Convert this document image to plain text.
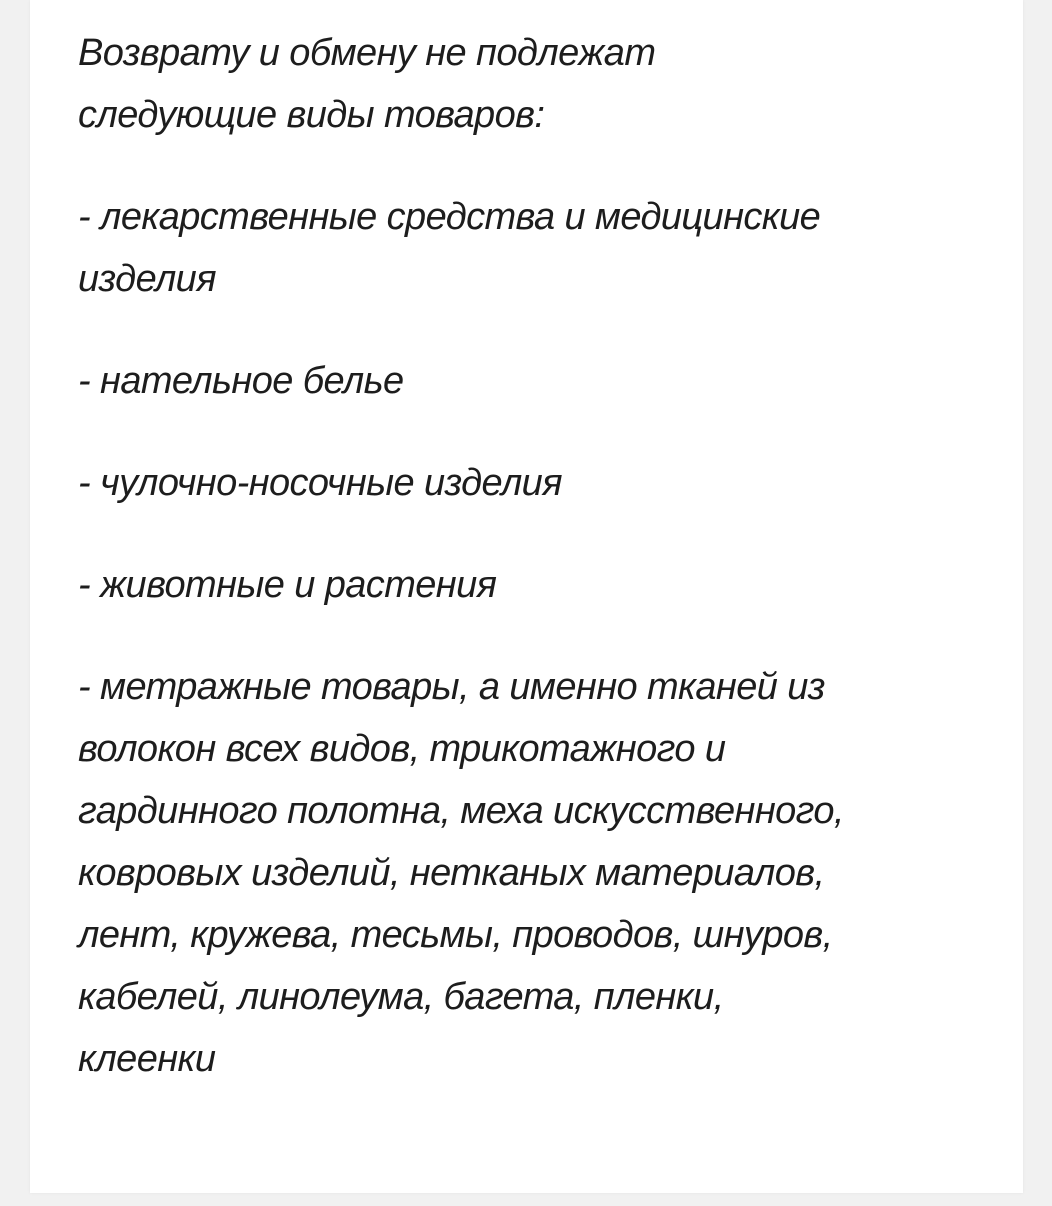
Возврату и обмену не подлежат
следующие виды товаров:

- лекарственные средства и медицинские
изделия

- нательное белье

- чулочно-носочные изделия

- животные и растения

- метражные товары, а именно тканей из
волокон всех видов, трикотажного и
гардинного полотна, меха искусственного,
ковровых изделий, нетканых материалов,
лент, кружева, тесьмы, проводов, шнуров,
кабелей, линолеума, багета, пленки,
клеенки
